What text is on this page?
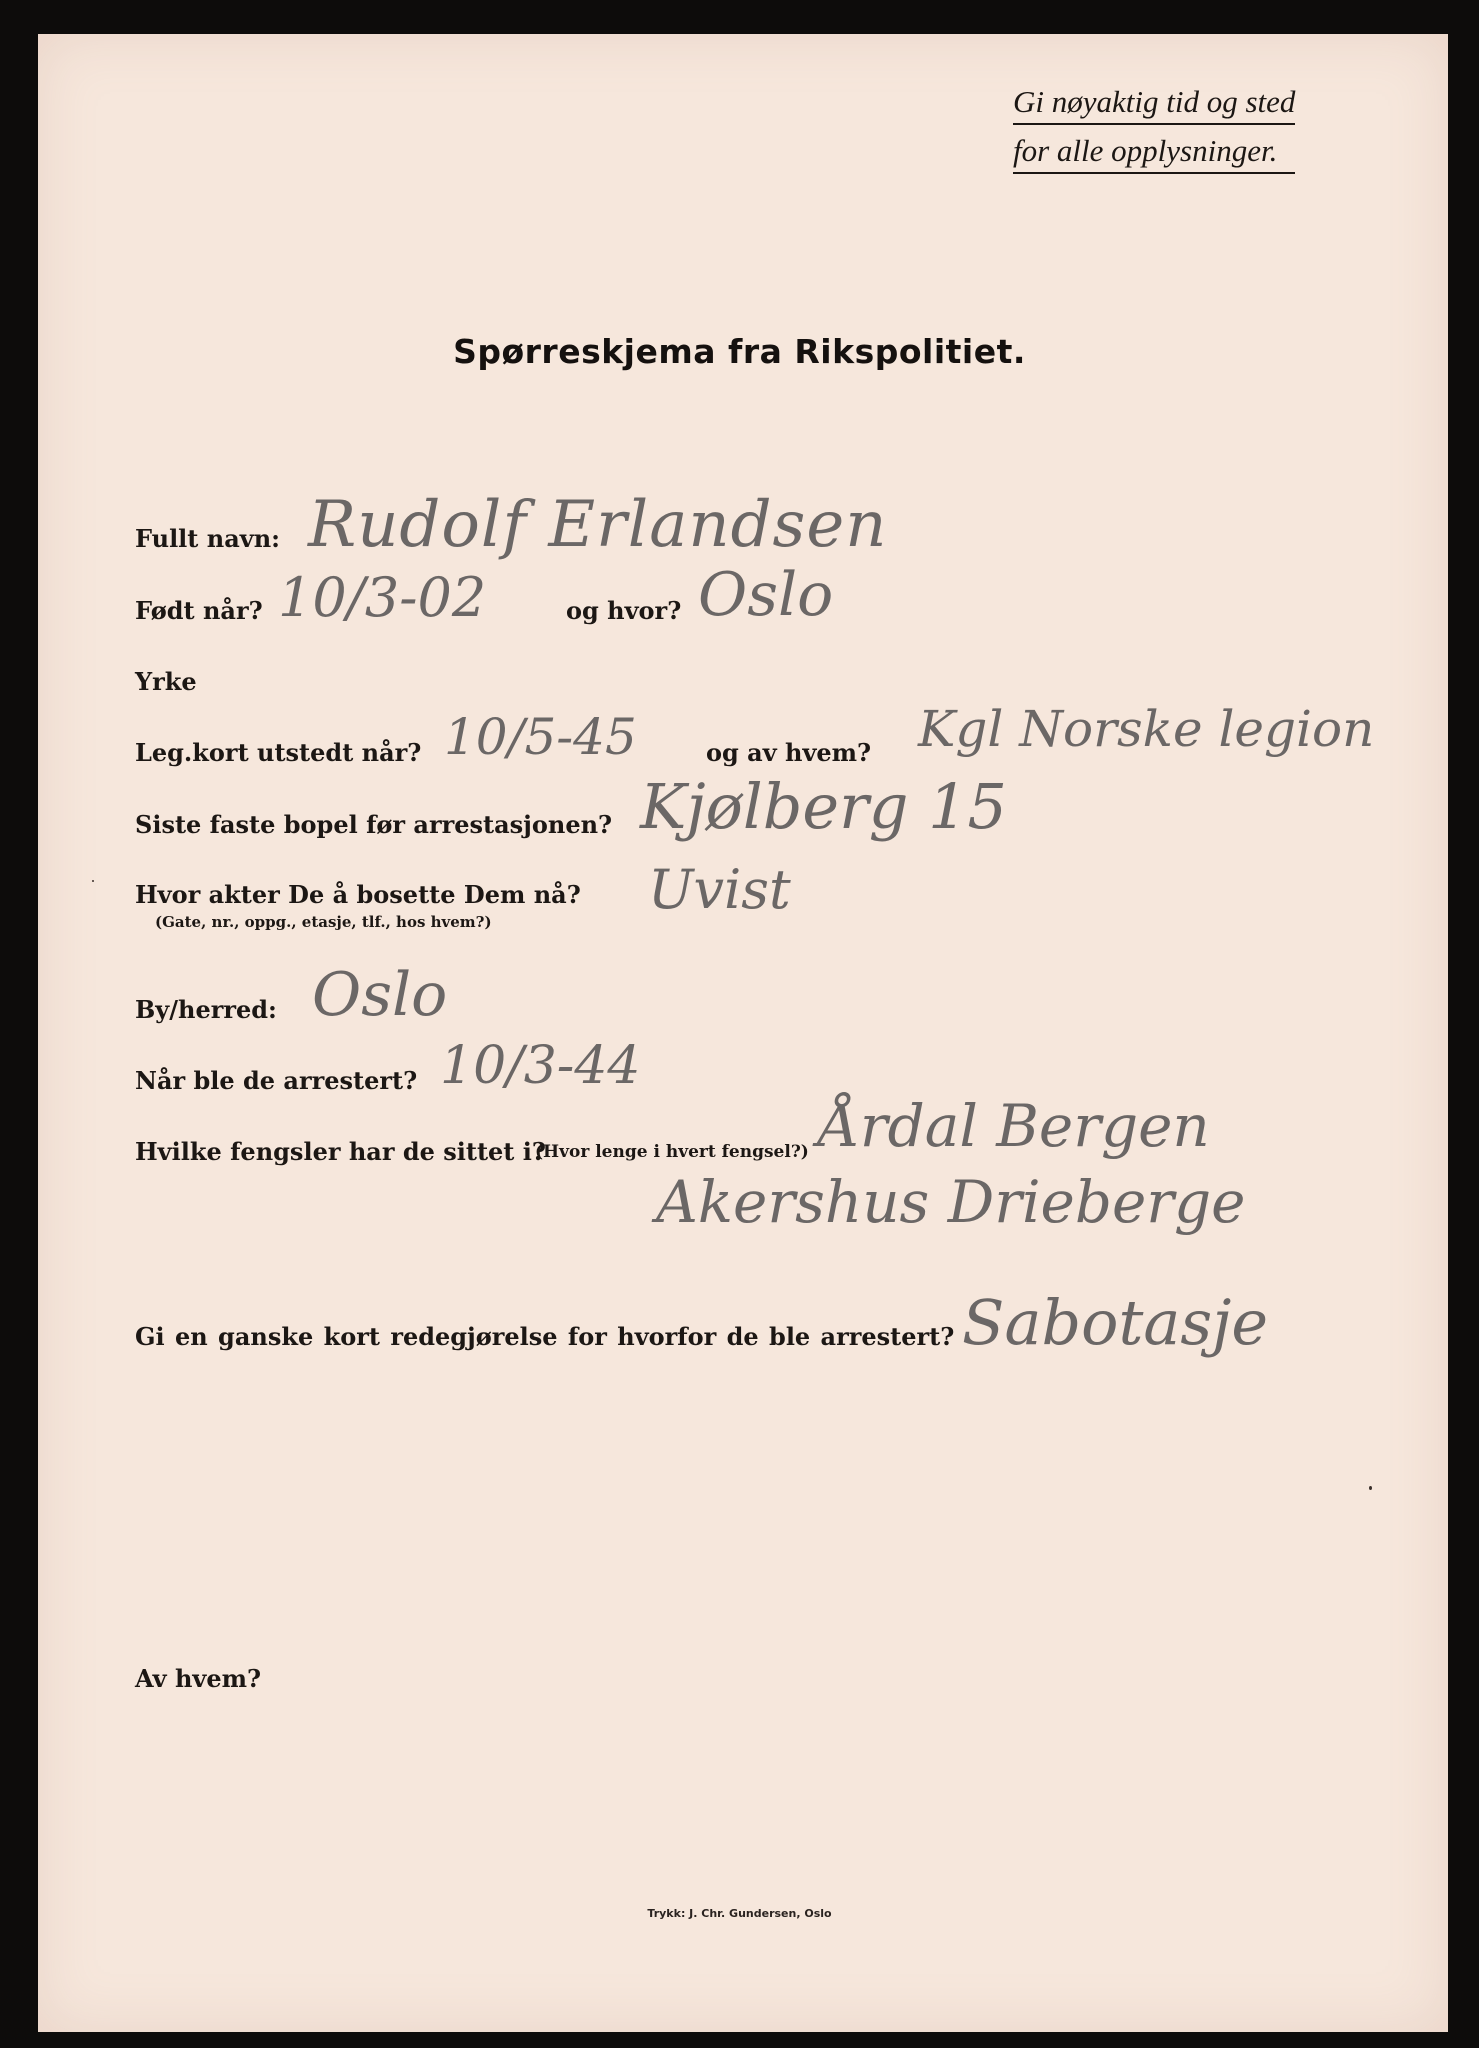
Gi nøyaktig tid og sted
for alle opplysninger.
Spørreskjema fra Rikspolitiet.
Fullt navn: Rudolf Erlandsen
Født når? 10/3-02	og hvor? Oslo
Yrke
Leg.kort utstedt når? 10/5-45	og av hvem? Kgl Norske legion
Siste faste bopel før arrestasjonen? Kjølberg 15
Hvor akter De å bosette Dem nå?
(Gate, nr., oppg., etasje, tlf., hos hvem?)
Uvist
By/herred: Oslo
Når ble de arrestert? 10/3-44
Hvilke fengsler har de sittet i?
(Hvor lenge i hvert fengsel?) Årdal Bergen
Akershus Drieberge
Gi en ganske kort redegjørelse for hvorfor de ble arrestert? Sabotasje
Av hvem?
Trykk: J. Chr. Gundersen, Oslo
